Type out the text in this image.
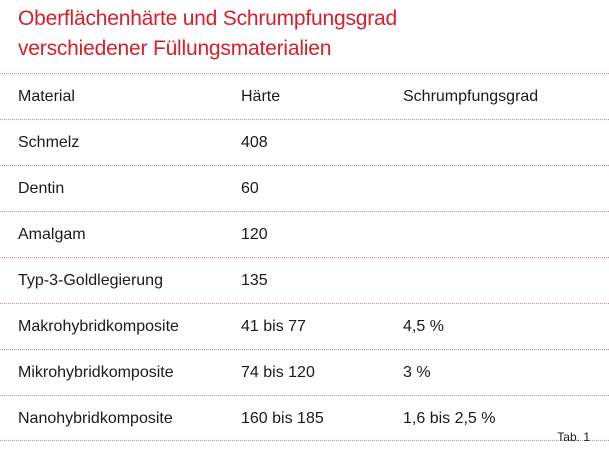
Oberflächenhärte und Schrumpfungsgrad
verschiedener Füllungsmaterialien
Material	Härte	Schrumpfungsgrad
Schmelz	408
Dentin	60
Amalgam	120
Typ-3-Goldlegierung	135
Makrohybridkomposite	41 bis 77	4,5 %
Mikrohybridkomposite	74 bis 120	3 %
Nanohybridkomposite	160 bis 185	1,6 bis 2,5 %
Tab. 1
